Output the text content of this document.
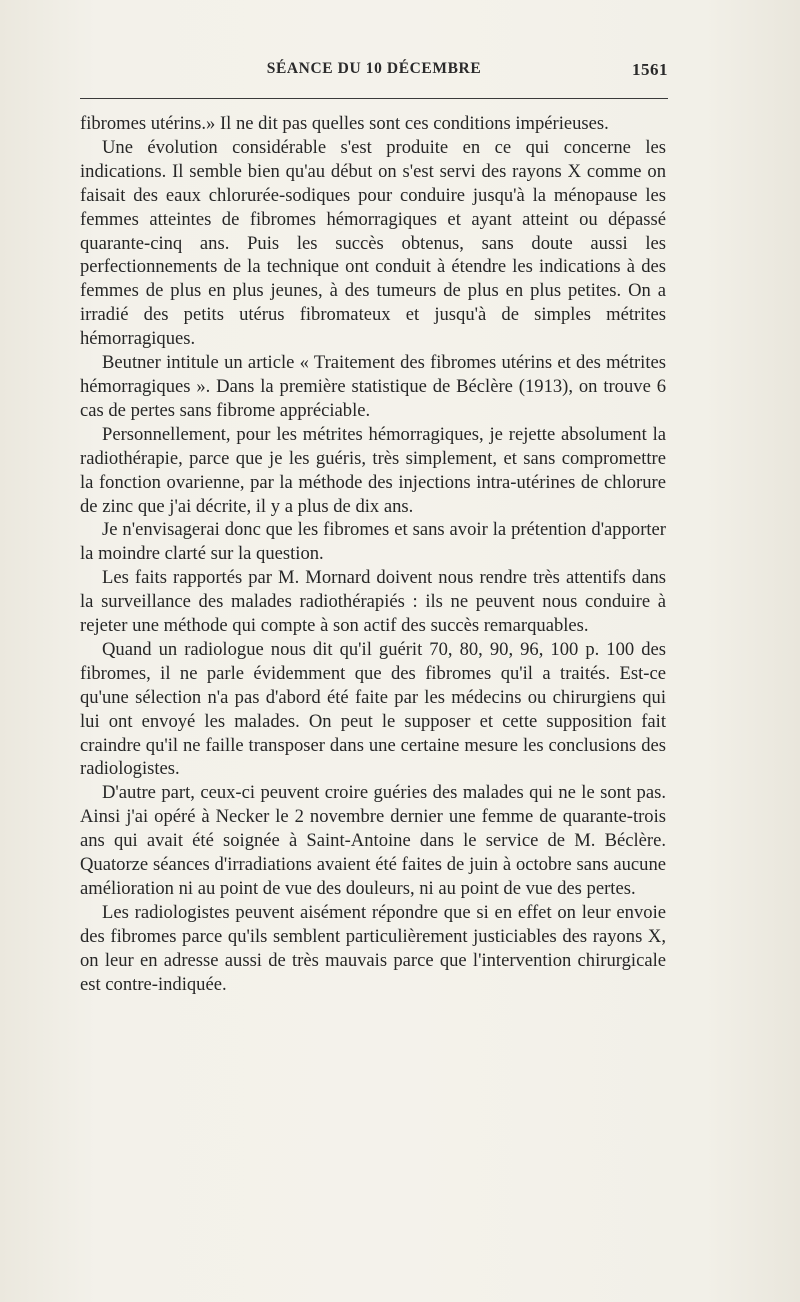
SÉANCE DU 10 DÉCEMBRE	1561

fibromes utérins.» Il ne dit pas quelles sont ces conditions impérieuses.

Une évolution considérable s'est produite en ce qui concerne les indications. Il semble bien qu'au début on s'est servi des rayons X comme on faisait des eaux chlorurée-sodiques pour conduire jusqu'à la ménopause les femmes atteintes de fibromes hémorragiques et ayant atteint ou dépassé quarante-cinq ans. Puis les succès obtenus, sans doute aussi les perfectionnements de la technique ont conduit à étendre les indications à des femmes de plus en plus jeunes, à des tumeurs de plus en plus petites. On a irradié des petits utérus fibromateux et jusqu'à de simples métrites hémorragiques.

Beutner intitule un article « Traitement des fibromes utérins et des métrites hémorragiques ». Dans la première statistique de Béclère (1913), on trouve 6 cas de pertes sans fibrome appréciable.

Personnellement, pour les métrites hémorragiques, je rejette absolument la radiothérapie, parce que je les guéris, très simplement, et sans compromettre la fonction ovarienne, par la méthode des injections intra-utérines de chlorure de zinc que j'ai décrite, il y a plus de dix ans.

Je n'envisagerai donc que les fibromes et sans avoir la prétention d'apporter la moindre clarté sur la question.

Les faits rapportés par M. Mornard doivent nous rendre très attentifs dans la surveillance des malades radiothérapiés : ils ne peuvent nous conduire à rejeter une méthode qui compte à son actif des succès remarquables.

Quand un radiologue nous dit qu'il guérit 70, 80, 90, 96, 100 p. 100 des fibromes, il ne parle évidemment que des fibromes qu'il a traités. Est-ce qu'une sélection n'a pas d'abord été faite par les médecins ou chirurgiens qui lui ont envoyé les malades. On peut le supposer et cette supposition fait craindre qu'il ne faille transposer dans une certaine mesure les conclusions des radiologistes.

D'autre part, ceux-ci peuvent croire guéries des malades qui ne le sont pas. Ainsi j'ai opéré à Necker le 2 novembre dernier une femme de quarante-trois ans qui avait été soignée à Saint-Antoine dans le service de M. Béclère. Quatorze séances d'irradiations avaient été faites de juin à octobre sans aucune amélioration ni au point de vue des douleurs, ni au point de vue des pertes.

Les radiologistes peuvent aisément répondre que si en effet on leur envoie des fibromes parce qu'ils semblent particulièrement justiciables des rayons X, on leur en adresse aussi de très mauvais parce que l'intervention chirurgicale est contre-indiquée.
